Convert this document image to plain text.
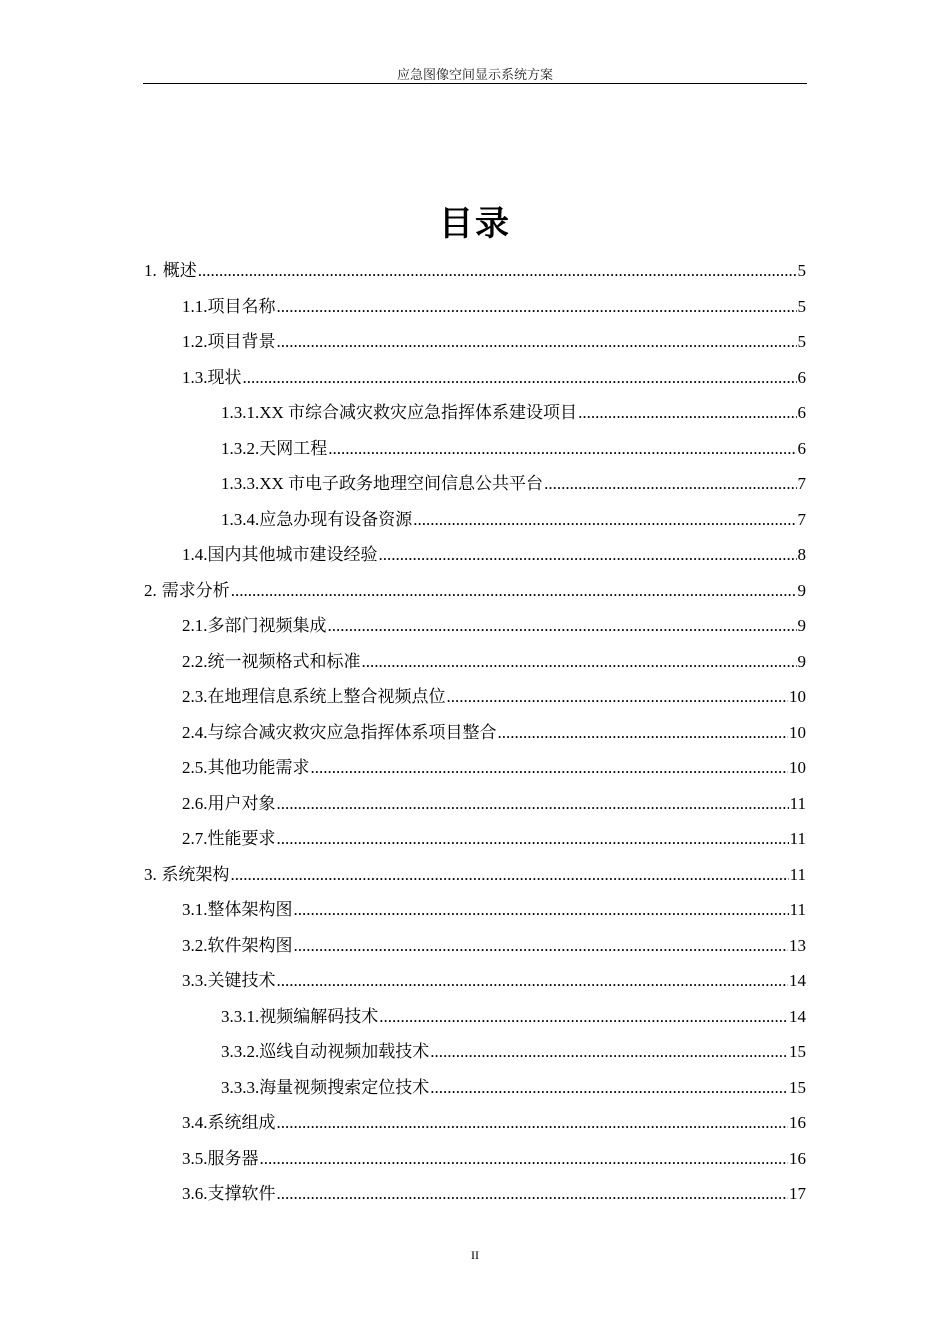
应急图像空间显示系统方案
目录
1. 概述 .....	5
1.1. 项目名称 .....	5
1.2. 项目背景 .....	5
1.3. 现状 .....	6
1.3.1. XX 市综合减灾救灾应急指挥体系建设项目 .....	6
1.3.2. 天网工程 .....	6
1.3.3. XX 市电子政务地理空间信息公共平台 .....	7
1.3.4. 应急办现有设备资源 .....	7
1.4. 国内其他城市建设经验 .....	8
2. 需求分析 .....	9
2.1. 多部门视频集成 .....	9
2.2. 统一视频格式和标准 .....	9
2.3. 在地理信息系统上整合视频点位 .....	10
2.4. 与综合减灾救灾应急指挥体系项目整合 .....	10
2.5. 其他功能需求 .....	10
2.6. 用户对象 .....	11
2.7. 性能要求 .....	11
3. 系统架构 .....	11
3.1. 整体架构图 .....	11
3.2. 软件架构图 .....	13
3.3. 关键技术 .....	14
3.3.1. 视频编解码技术 .....	14
3.3.2. 巡线自动视频加载技术 .....	15
3.3.3. 海量视频搜索定位技术 .....	15
3.4. 系统组成 .....	16
3.5. 服务器 .....	16
3.6. 支撑软件 .....	17
II
